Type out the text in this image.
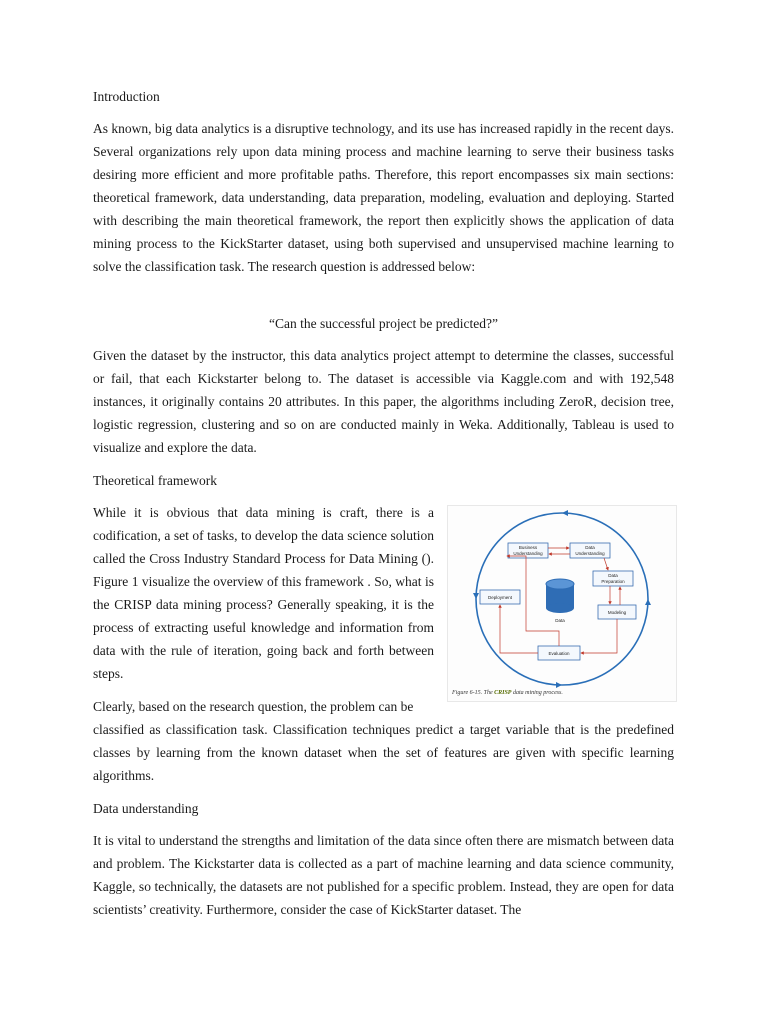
Introduction

As known, big data analytics is a disruptive technology, and its use has increased rapidly in the recent days. Several organizations rely upon data mining process and machine learning to serve their business tasks desiring more efficient and more profitable paths. Therefore, this report encompasses six main sections: theoretical framework, data understanding, data preparation, modeling, evaluation and deploying. Started with describing the main theoretical framework, the report then explicitly shows the application of data mining process to the KickStarter dataset, using both supervised and unsupervised machine learning to solve the classification task. The research question is addressed below:

“Can the successful project be predicted?”

Given the dataset by the instructor, this data analytics project attempt to determine the classes, successful or fail, that each Kickstarter belong to. The dataset is accessible via Kaggle.com and with 192,548 instances, it originally contains 20 attributes. In this paper, the algorithms including ZeroR, decision tree, logistic regression, clustering and so on are conducted mainly in Weka. Additionally, Tableau is used to visualize and explore the data.

Theoretical framework

While it is obvious that data mining is craft, there is a codification, a set of tasks, to develop the data science solution called the Cross Industry Standard Process for Data Mining (). Figure 1 visualize the overview of this framework . So, what is the CRISP data mining process? Generally speaking, it is the process of extracting useful knowledge and information from data with the rule of iteration, going back and forth between steps.

Clearly, based on the research question, the problem can be

classified as classification task. Classification techniques predict a target variable that is the predefined classes by learning from the known dataset when the set of features are given with specific learning algorithms.

Data understanding

It is vital to understand the strengths and limitation of the data since often there are mismatch between data and problem. The Kickstarter data is collected as a part of machine learning and data science community, Kaggle, so technically, the datasets are not published for a specific problem. Instead, they are open for data scientists’ creativity. Furthermore, consider the case of KickStarter dataset. The

Business
Understanding
Data
Understanding
Data
Preparation
Modeling
Evaluation
Deployment
Data
Figure 6-15. The CRISP data mining process.
